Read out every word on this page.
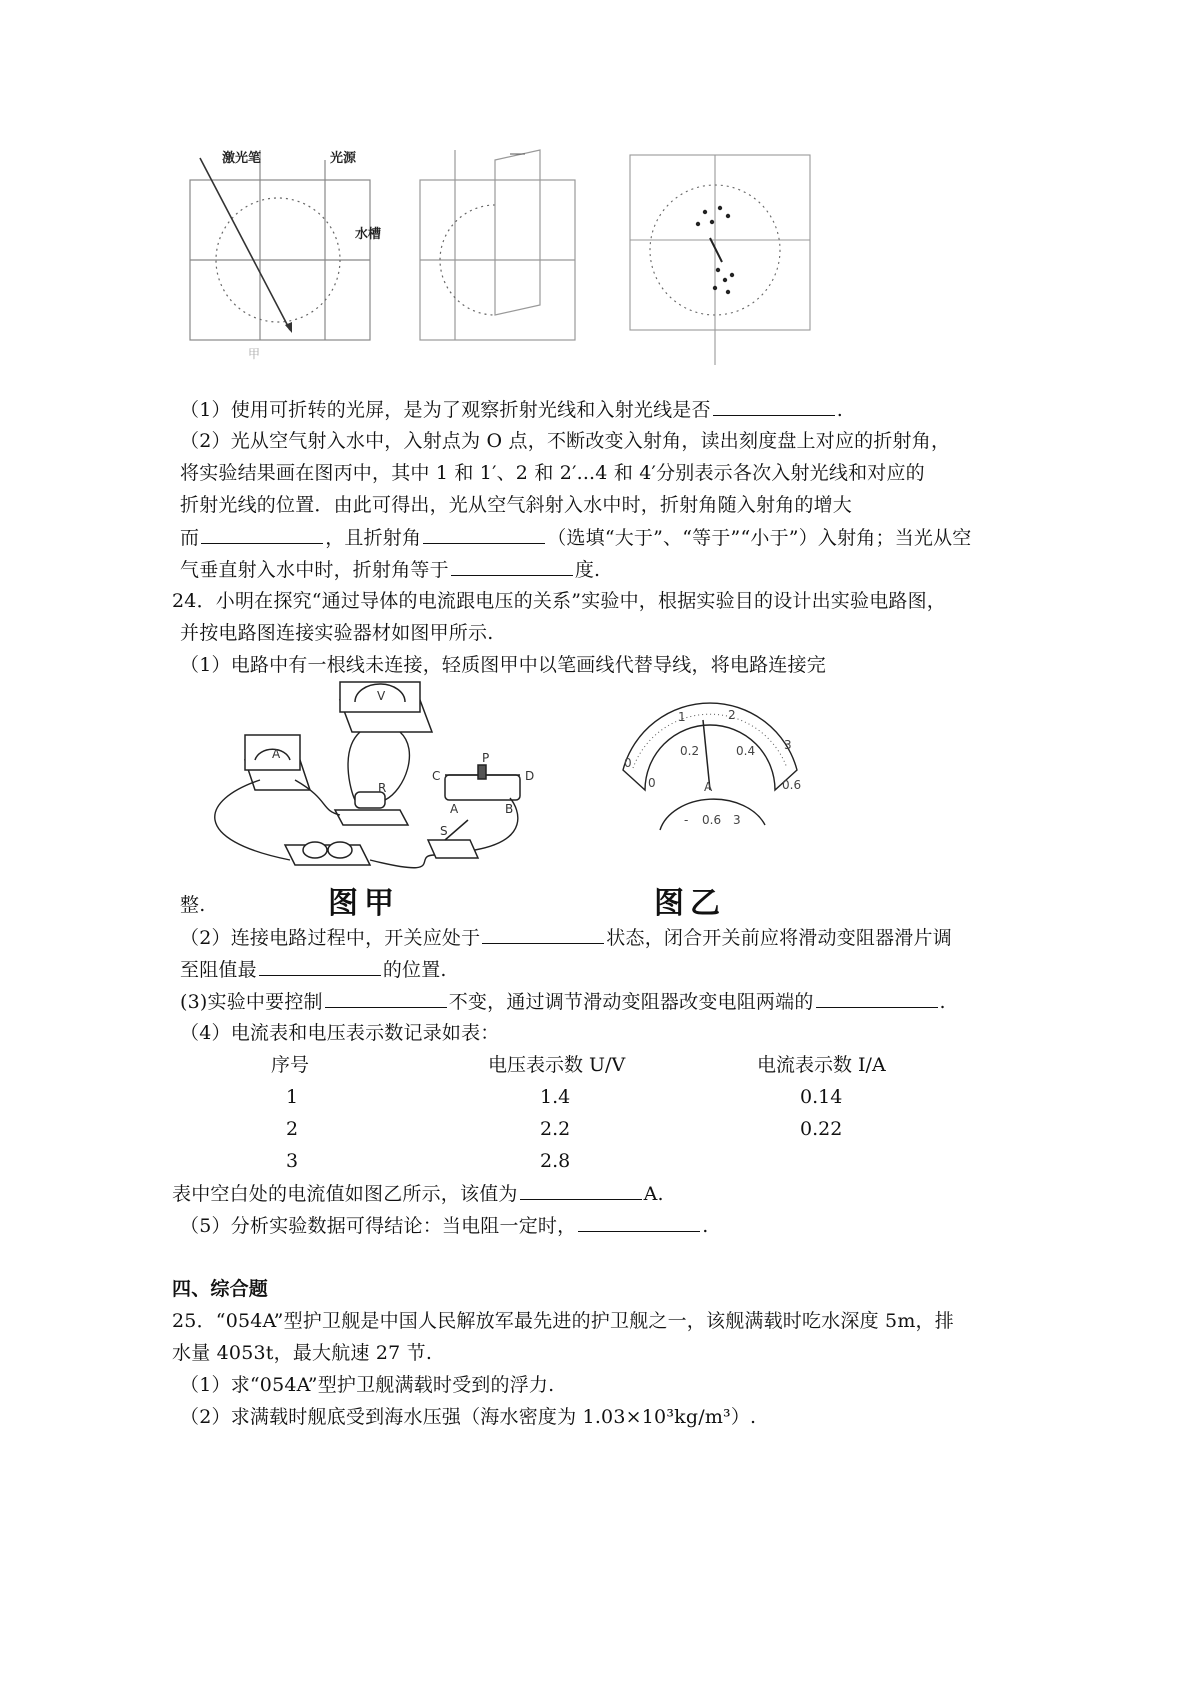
激光笔	光源
水槽
甲
（1）使用可折转的光屏，是为了观察折射光线和入射光线是否	.
（2）光从空气射入水中，入射点为 O 点，不断改变入射角，读出刻度盘上对应的折射角，
将实验结果画在图丙中，其中 1 和 1′、2 和 2′...4 和 4′分别表示各次入射光线和对应的
折射光线的位置．由此可得出，光从空气斜射入水中时，折射角随入射角的增大
而	，且折射角	（选填“大于”、“等于”“小于”）入射角；当光从空
气垂直射入水中时，折射角等于	度.
24．小明在探究“通过导体的电流跟电压的关系”实验中，根据实验目的设计出实验电路图，
并按电路图连接实验器材如图甲所示.
（1）电路中有一根线未连接，轻质图甲中以笔画线代替导线，将电路连接完
R
P
C	D
A	B
S
A
V
0
1	2
3
0
0.2	0.4
0.6
A
- 0.6 3
整.	图甲	图乙
（2）连接电路过程中，开关应处于	状态，闭合开关前应将滑动变阻器滑片调
至阻值最	的位置.
(3)实验中要控制	不变，通过调节滑动变阻器改变电阻两端的	.
（4）电流表和电压表示数记录如表：
序号	电压表示数 U/V	电流表示数 I/A
1	1.4	0.14
2	2.2	0.22
3	2.8
表中空白处的电流值如图乙所示，该值为	A.
（5）分析实验数据可得结论：当电阻一定时，	.
四、综合题
25．“054A”型护卫舰是中国人民解放军最先进的护卫舰之一，该舰满载时吃水深度 5m，排
水量 4053t，最大航速 27 节.
（1）求“054A”型护卫舰满载时受到的浮力.
（2）求满载时舰底受到海水压强（海水密度为 1.03×10³kg/m³）.
